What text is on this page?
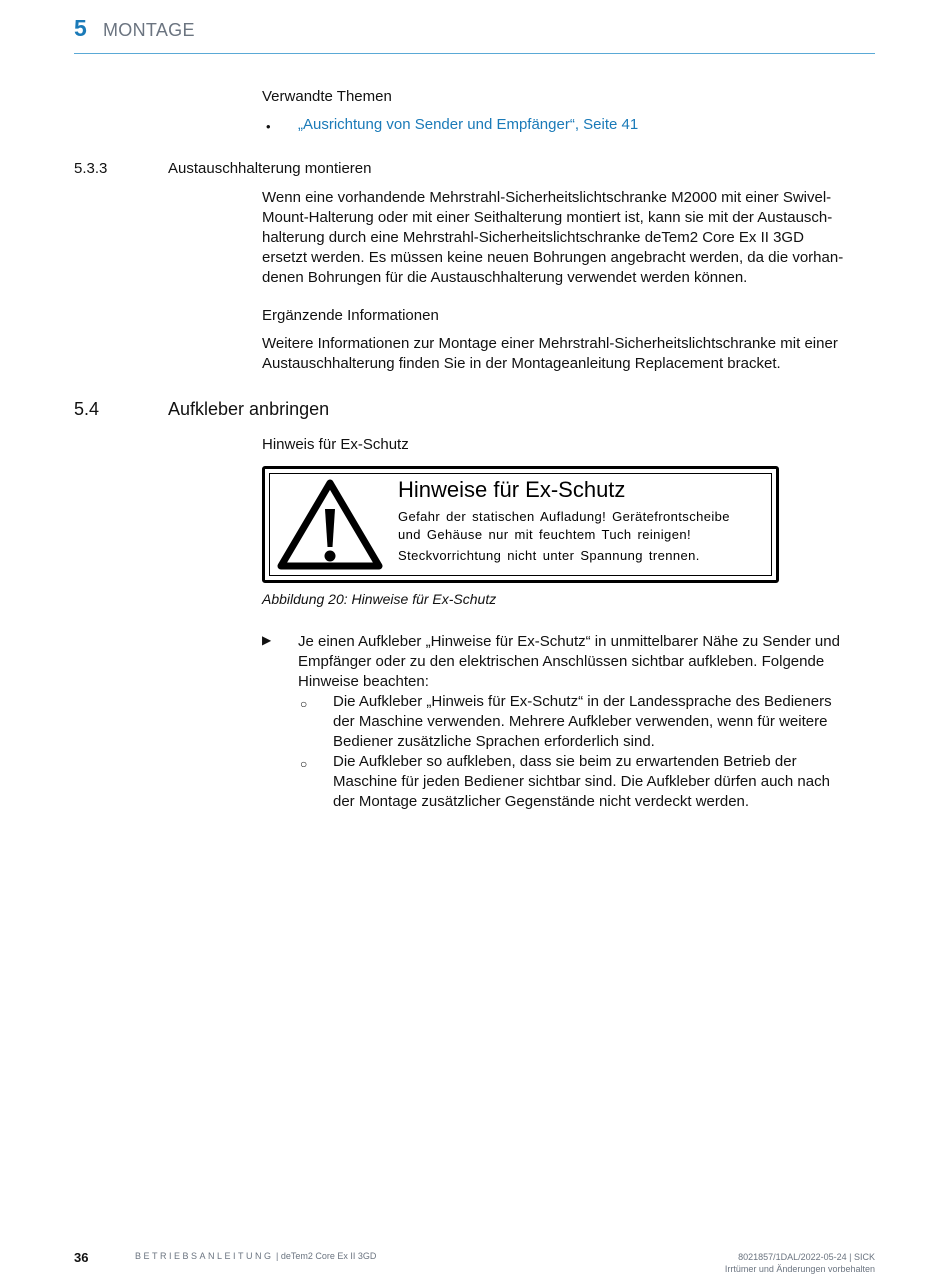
5 MONTAGE
Verwandte Themen
• „Ausrichtung von Sender und Empfänger“, Seite 41
5.3.3	Austauschhalterung montieren
Wenn eine vorhandende Mehrstrahl-Sicherheitslichtschranke M2000 mit einer Swivel-
Mount-Halterung oder mit einer Seithalterung montiert ist, kann sie mit der Austausch-
halterung durch eine Mehrstrahl-Sicherheitslichtschranke deTem2 Core Ex II 3GD
ersetzt werden. Es müssen keine neuen Bohrungen angebracht werden, da die vorhan-
denen Bohrungen für die Austauschhalterung verwendet werden können.
Ergänzende Informationen
Weitere Informationen zur Montage einer Mehrstrahl-Sicherheitslichtschranke mit einer
Austauschhalterung finden Sie in der Montageanleitung Replacement bracket.
5.4	Aufkleber anbringen
Hinweis für Ex-Schutz
Hinweise für Ex-Schutz
Gefahr der statischen Aufladung! Gerätefrontscheibe
und Gehäuse nur mit feuchtem Tuch reinigen!
Steckvorrichtung nicht unter Spannung trennen.
Abbildung 20: Hinweise für Ex-Schutz
▶ Je einen Aufkleber „Hinweise für Ex-Schutz“ in unmittelbarer Nähe zu Sender und
Empfänger oder zu den elektrischen Anschlüssen sichtbar aufkleben. Folgende
Hinweise beachten:
○ Die Aufkleber „Hinweis für Ex-Schutz“ in der Landessprache des Bedieners
der Maschine verwenden. Mehrere Aufkleber verwenden, wenn für weitere
Bediener zusätzliche Sprachen erforderlich sind.
○ Die Aufkleber so aufkleben, dass sie beim zu erwartenden Betrieb der
Maschine für jeden Bediener sichtbar sind. Die Aufkleber dürfen auch nach
der Montage zusätzlicher Gegenstände nicht verdeckt werden.
36	BETRIEBSANLEITUNG | deTem2 Core Ex II 3GD	8021857/1DAL/2022-05-24 | SICK
Irrtümer und Änderungen vorbehalten
